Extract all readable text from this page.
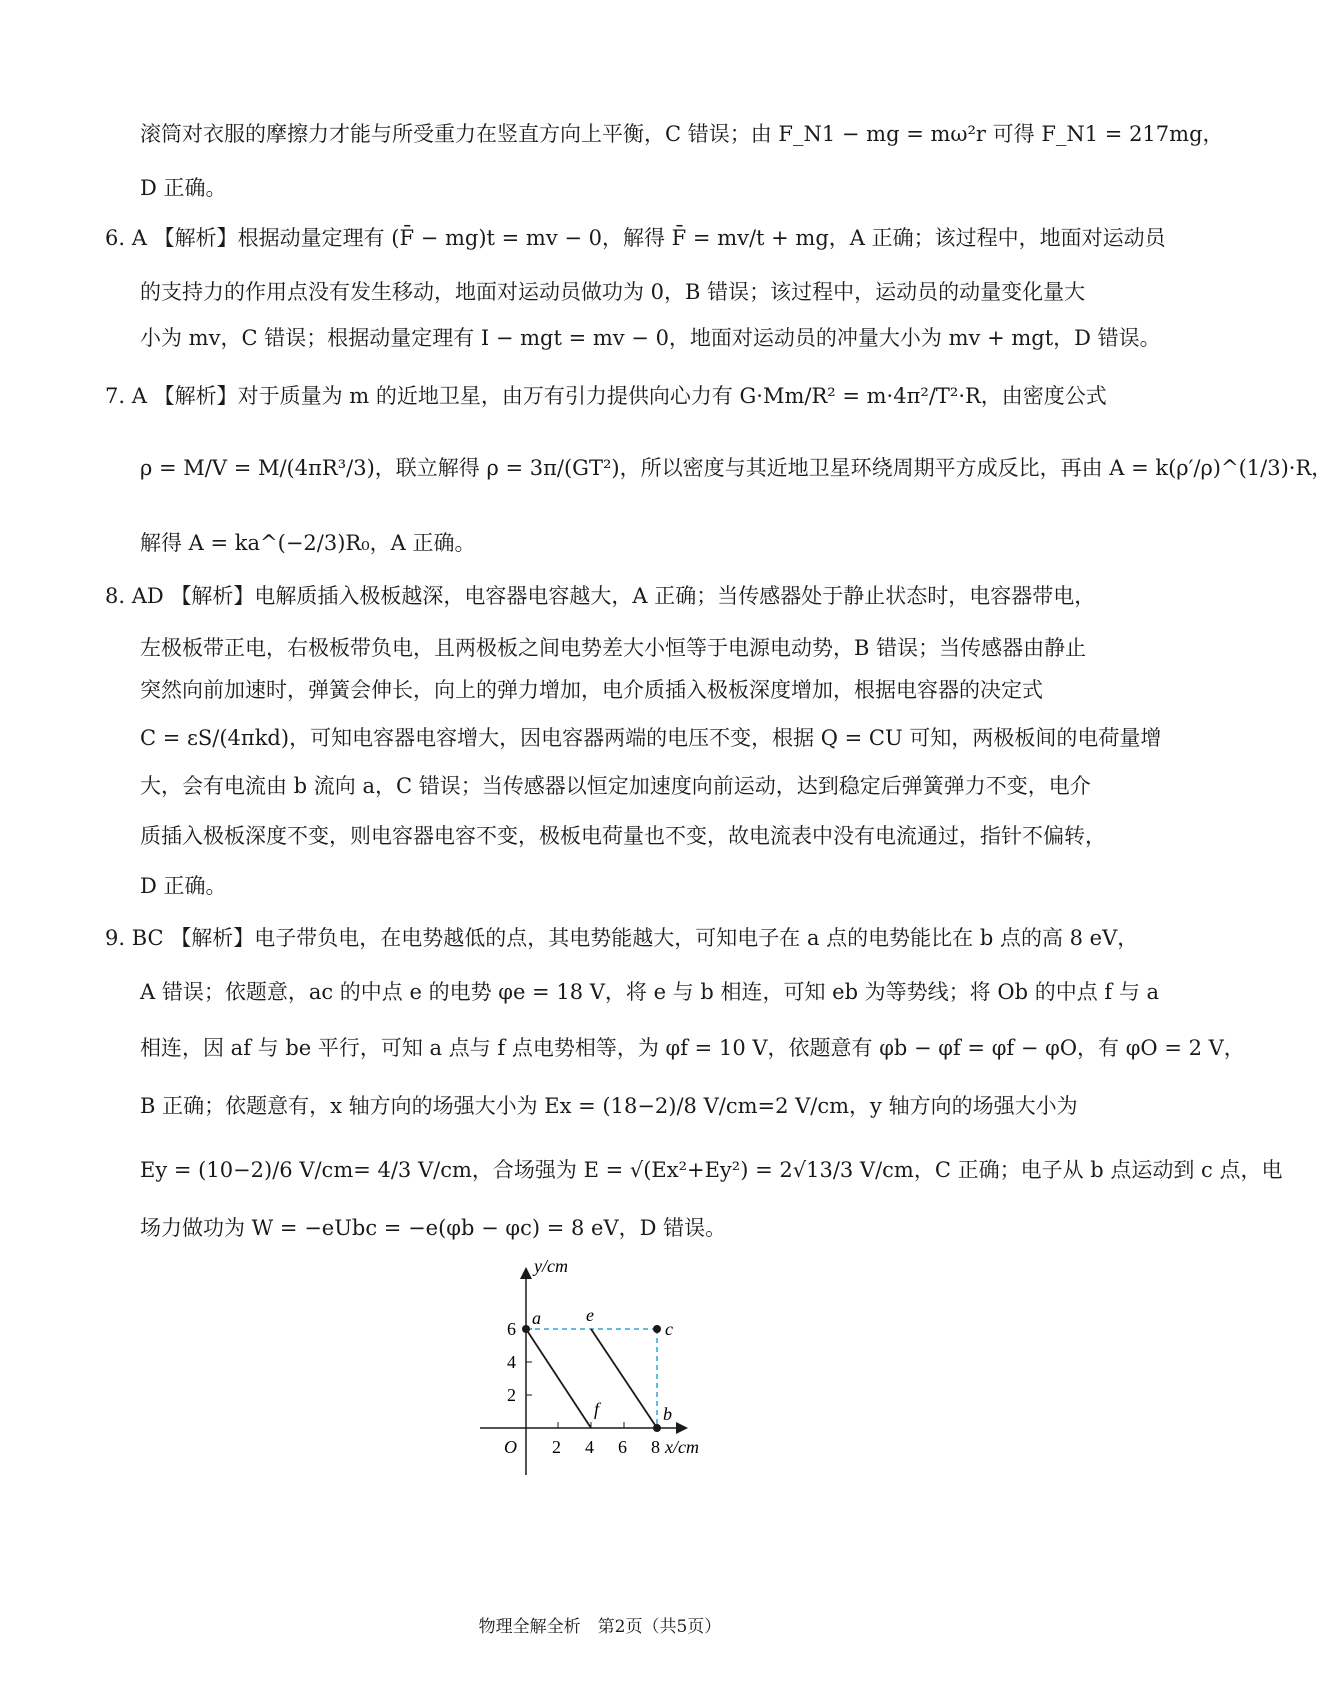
滚筒对衣服的摩擦力才能与所受重力在竖直方向上平衡，C 错误；由 F_N1 − mg = mω²r 可得 F_N1 = 217mg，
D 正确。
6. A 【解析】根据动量定理有 (F̄ − mg)t = mv − 0，解得 F̄ = mv/t + mg，A 正确；该过程中，地面对运动员
的支持力的作用点没有发生移动，地面对运动员做功为 0，B 错误；该过程中，运动员的动量变化量大
小为 mv，C 错误；根据动量定理有 I − mgt = mv − 0，地面对运动员的冲量大小为 mv + mgt，D 错误。
7. A 【解析】对于质量为 m 的近地卫星，由万有引力提供向心力有 G·Mm/R² = m·4π²/T²·R，由密度公式
ρ = M/V = M/(4πR³/3)，联立解得 ρ = 3π/(GT²)，所以密度与其近地卫星环绕周期平方成反比，再由 A = k(ρ′/ρ)^(1/3)·R，
解得 A = ka^(−2/3)R₀，A 正确。
8. AD 【解析】电解质插入极板越深，电容器电容越大，A 正确；当传感器处于静止状态时，电容器带电，
左极板带正电，右极板带负电，且两极板之间电势差大小恒等于电源电动势，B 错误；当传感器由静止
突然向前加速时，弹簧会伸长，向上的弹力增加，电介质插入极板深度增加，根据电容器的决定式
C = εS/(4πkd)，可知电容器电容增大，因电容器两端的电压不变，根据 Q = CU 可知，两极板间的电荷量增
大，会有电流由 b 流向 a，C 错误；当传感器以恒定加速度向前运动，达到稳定后弹簧弹力不变，电介
质插入极板深度不变，则电容器电容不变，极板电荷量也不变，故电流表中没有电流通过，指针不偏转，
D 正确。
9. BC 【解析】电子带负电，在电势越低的点，其电势能越大，可知电子在 a 点的电势能比在 b 点的高 8 eV，
A 错误；依题意，ac 的中点 e 的电势 φe = 18 V，将 e 与 b 相连，可知 eb 为等势线；将 Ob 的中点 f 与 a
相连，因 af 与 be 平行，可知 a 点与 f 点电势相等，为 φf = 10 V，依题意有 φb − φf = φf − φO，有 φO = 2 V，
B 正确；依题意有，x 轴方向的场强大小为 Ex = (18−2)/8 V/cm=2 V/cm，y 轴方向的场强大小为
Ey = (10−2)/6 V/cm= 4/3 V/cm，合场强为 E = √(Ex²+Ey²) = 2√13/3 V/cm，C 正确；电子从 b 点运动到 c 点，电
场力做功为 W = −eUbc = −e(φb − φc) = 8 eV，D 错误。
y/cm
x/cm
O 2 4 6 8
2
4
6
a	e
c
f	b
物理全解全析　第2页（共5页）
